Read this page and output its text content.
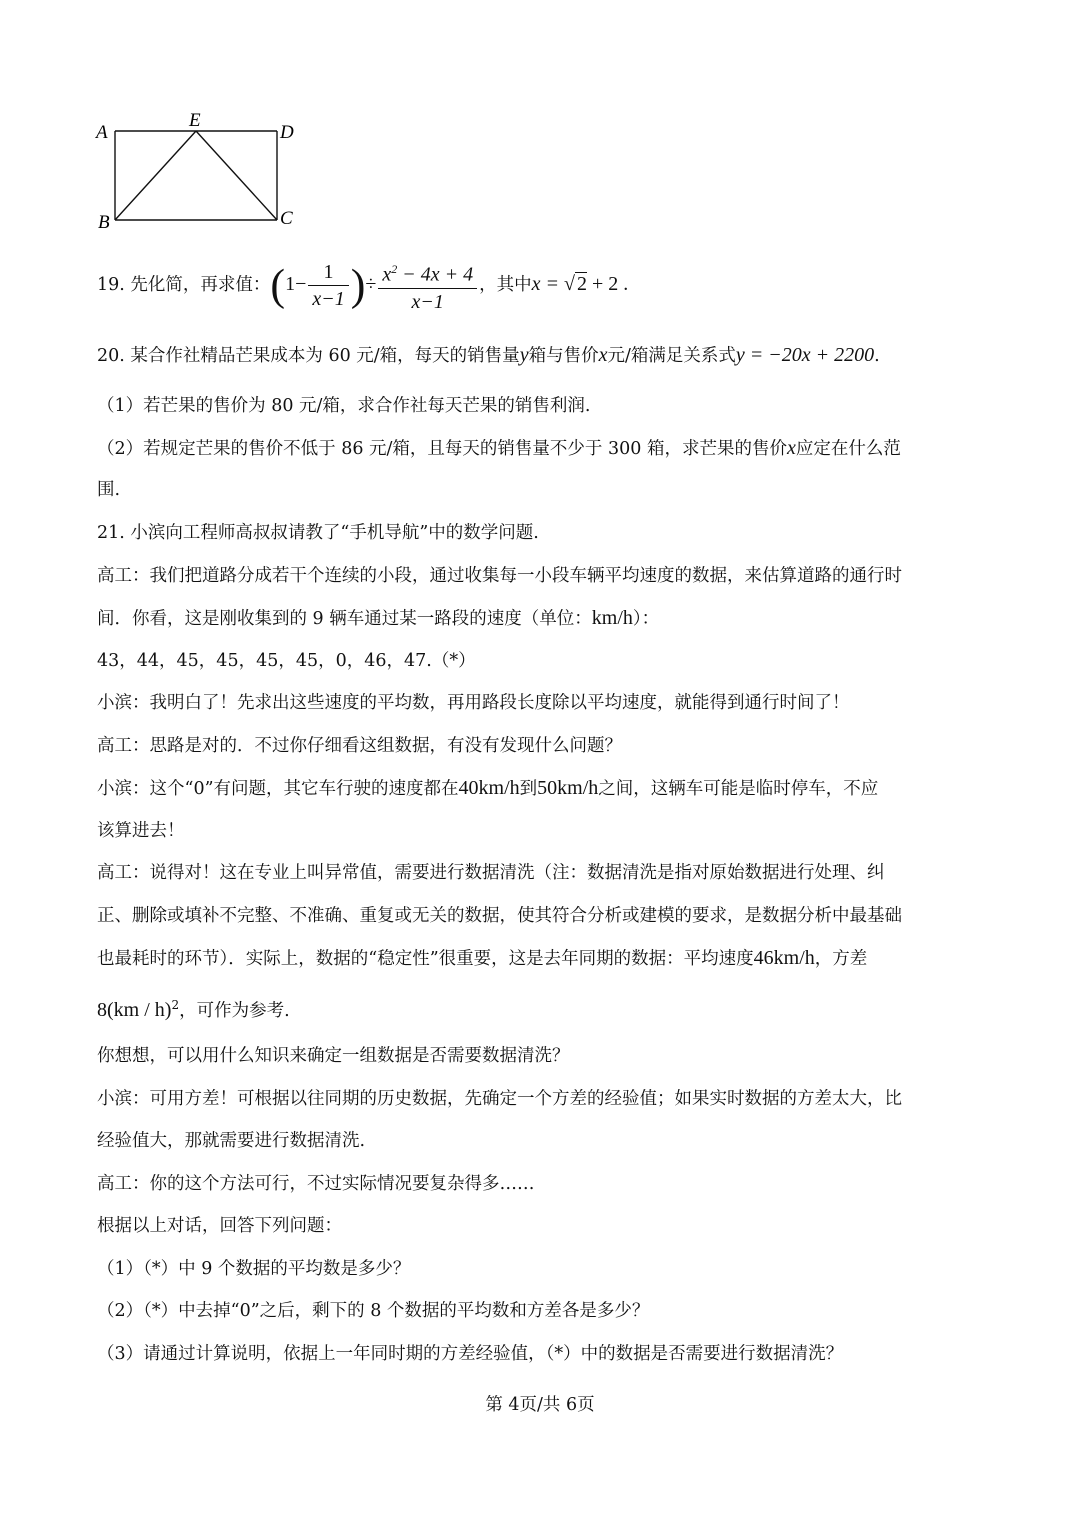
A
E
D
B	C
19. 先化简，再求值：($1- \frac{1}{x-1}$ )÷ $\frac{x^2 - 4x + 4}{x-1}$ ，其中x = √ 2 + 2 .
20. 某合作社精品芒果成本为 60 元/箱，每天的销售量y箱与售价x元/箱满足关系式y = −20x + 2200.
（1）若芒果的售价为 80 元/箱，求合作社每天芒果的销售利润.
（2）若规定芒果的售价不低于 86 元/箱，且每天的销售量不少于 300 箱，求芒果的售价x应定在什么范
围.
21. 小滨向工程师高叔叔请教了“手机导航”中的数学问题.
高工：我们把道路分成若干个连续的小段，通过收集每一小段车辆平均速度的数据，来估算道路的通行时
间．你看，这是刚收集到的 9 辆车通过某一路段的速度（单位：km/h）：
43，44，45，45，45，45，0，46，47.（*）
小滨：我明白了！先求出这些速度的平均数，再用路段长度除以平均速度，就能得到通行时间了！
高工：思路是对的．不过你仔细看这组数据，有没有发现什么问题？
小滨：这个“0”有问题，其它车行驶的速度都在40km/h到50km/h之间，这辆车可能是临时停车，不应
该算进去！
高工：说得对！这在专业上叫异常值，需要进行数据清洗（注：数据清洗是指对原始数据进行处理、纠
正、删除或填补不完整、不准确、重复或无关的数据，使其符合分析或建模的要求，是数据分析中最基础
也最耗时的环节）．实际上，数据的“稳定性”很重要，这是去年同期的数据：平均速度46km/h，方差
8(km / h)$^2$，可作为参考.
你想想，可以用什么知识来确定一组数据是否需要数据清洗？
小滨：可用方差！可根据以往同期的历史数据，先确定一个方差的经验值；如果实时数据的方差太大，比
经验值大，那就需要进行数据清洗.
高工：你的这个方法可行，不过实际情况要复杂得多……
根据以上对话，回答下列问题：
（1）（*）中 9 个数据的平均数是多少？
（2）（*）中去掉“0”之后，剩下的 8 个数据的平均数和方差各是多少？
（3）请通过计算说明，依据上一年同时期的方差经验值，（*）中的数据是否需要进行数据清洗？
第 4页/共 6页
